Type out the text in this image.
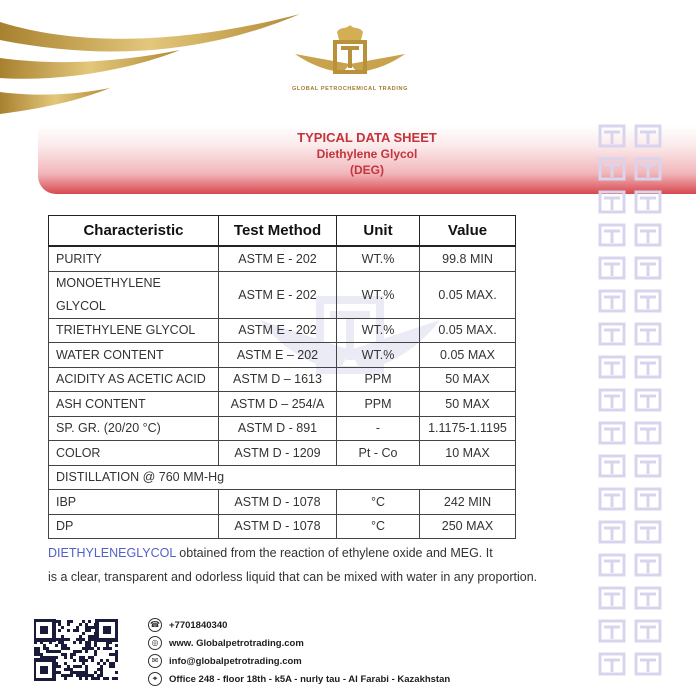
GLOBAL PETROCHEMICAL TRADING
TYPICAL DATA SHEET
Diethylene Glycol
(DEG)
Characteristic	Test Method	Unit	Value
PURITY	ASTM E - 202	WT.%	99.8 MIN
MONOETHYLENE GLYCOL	ASTM E - 202	WT.%	0.05 MAX.
TRIETHYLENE GLYCOL	ASTM E - 202	WT.%	0.05 MAX.
WATER CONTENT	ASTM E – 202	WT.%	0.05 MAX
ACIDITY AS ACETIC ACID	ASTM D – 1613	PPM	50 MAX
ASH CONTENT	ASTM D – 254/A	PPM	50 MAX
SP. GR. (20/20 °C)	ASTM D - 891	-	1.1175-1.1195
COLOR	ASTM D - 1209	Pt - Co	10 MAX
DISTILLATION @ 760 MM-Hg			
IBP	ASTM D - 1078	°C	242 MIN
DP	ASTM D - 1078	°C	250 MAX
DIETHYLENEGLYCOL obtained from the reaction of ethylene oxide and MEG. It
is a clear, transparent and odorless liquid that can be mixed with water in any proportion.
☎ +7701840340
◎	www. Globalpetrotrading.com
✉	info@globalpetrotrading.com
⌖	Office 248 - floor 18th - k5A - nurly tau - Al Farabi - Kazakhstan
